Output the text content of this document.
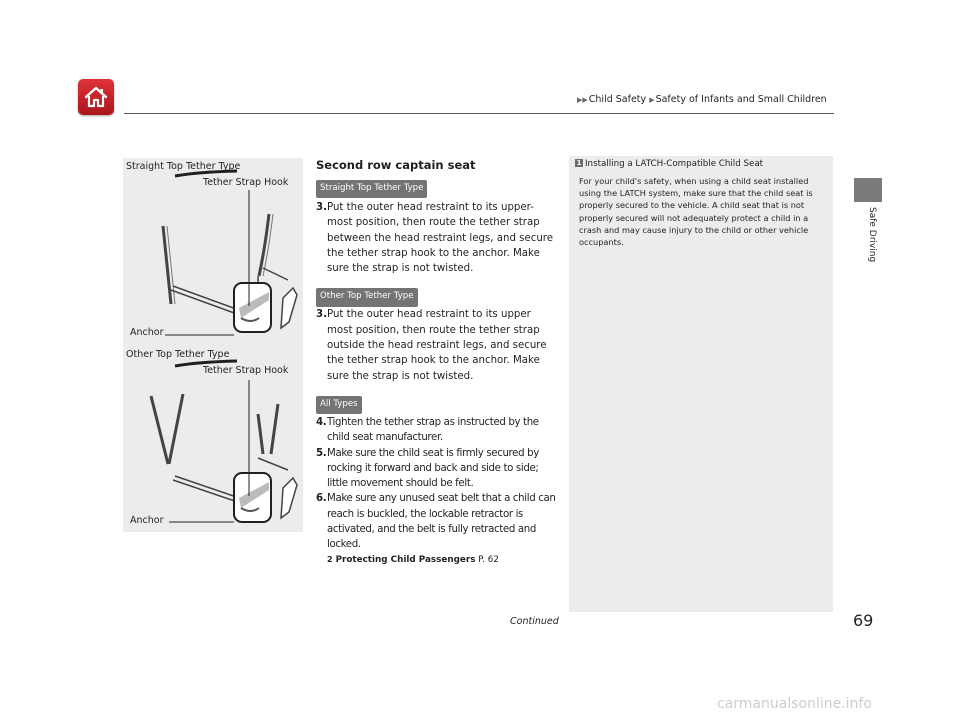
▶▶Child Safety ▶Safety of Infants and Small Children
Safe Driving
Straight Top Tether Type
Tether Strap Hook
Anchor
Other Top Tether Type
Tether Strap Hook
Anchor
Second row captain seat
Straight Top Tether Type
3. Put the outer head restraint to its upper-most position, then route the tether strap between the head restraint legs, and secure the tether strap hook to the anchor. Make sure the strap is not twisted.
Other Top Tether Type
3. Put the outer head restraint to its upper most position, then route the tether strap outside the head restraint legs, and secure the tether strap hook to the anchor. Make sure the strap is not twisted.
All Types
4. Tighten the tether strap as instructed by the child seat manufacturer.
5. Make sure the child seat is firmly secured by rocking it forward and back and side to side; little movement should be felt.
6. Make sure any unused seat belt that a child can reach is buckled, the lockable retractor is activated, and the belt is fully retracted and locked.
2 Protecting Child Passengers P. 62
1 Installing a LATCH-Compatible Child Seat
For your child's safety, when using a child seat installed using the LATCH system, make sure that the child seat is properly secured to the vehicle. A child seat that is not properly secured will not adequately protect a child in a crash and may cause injury to the child or other vehicle occupants.
Continued	69
carmanualsonline.info
